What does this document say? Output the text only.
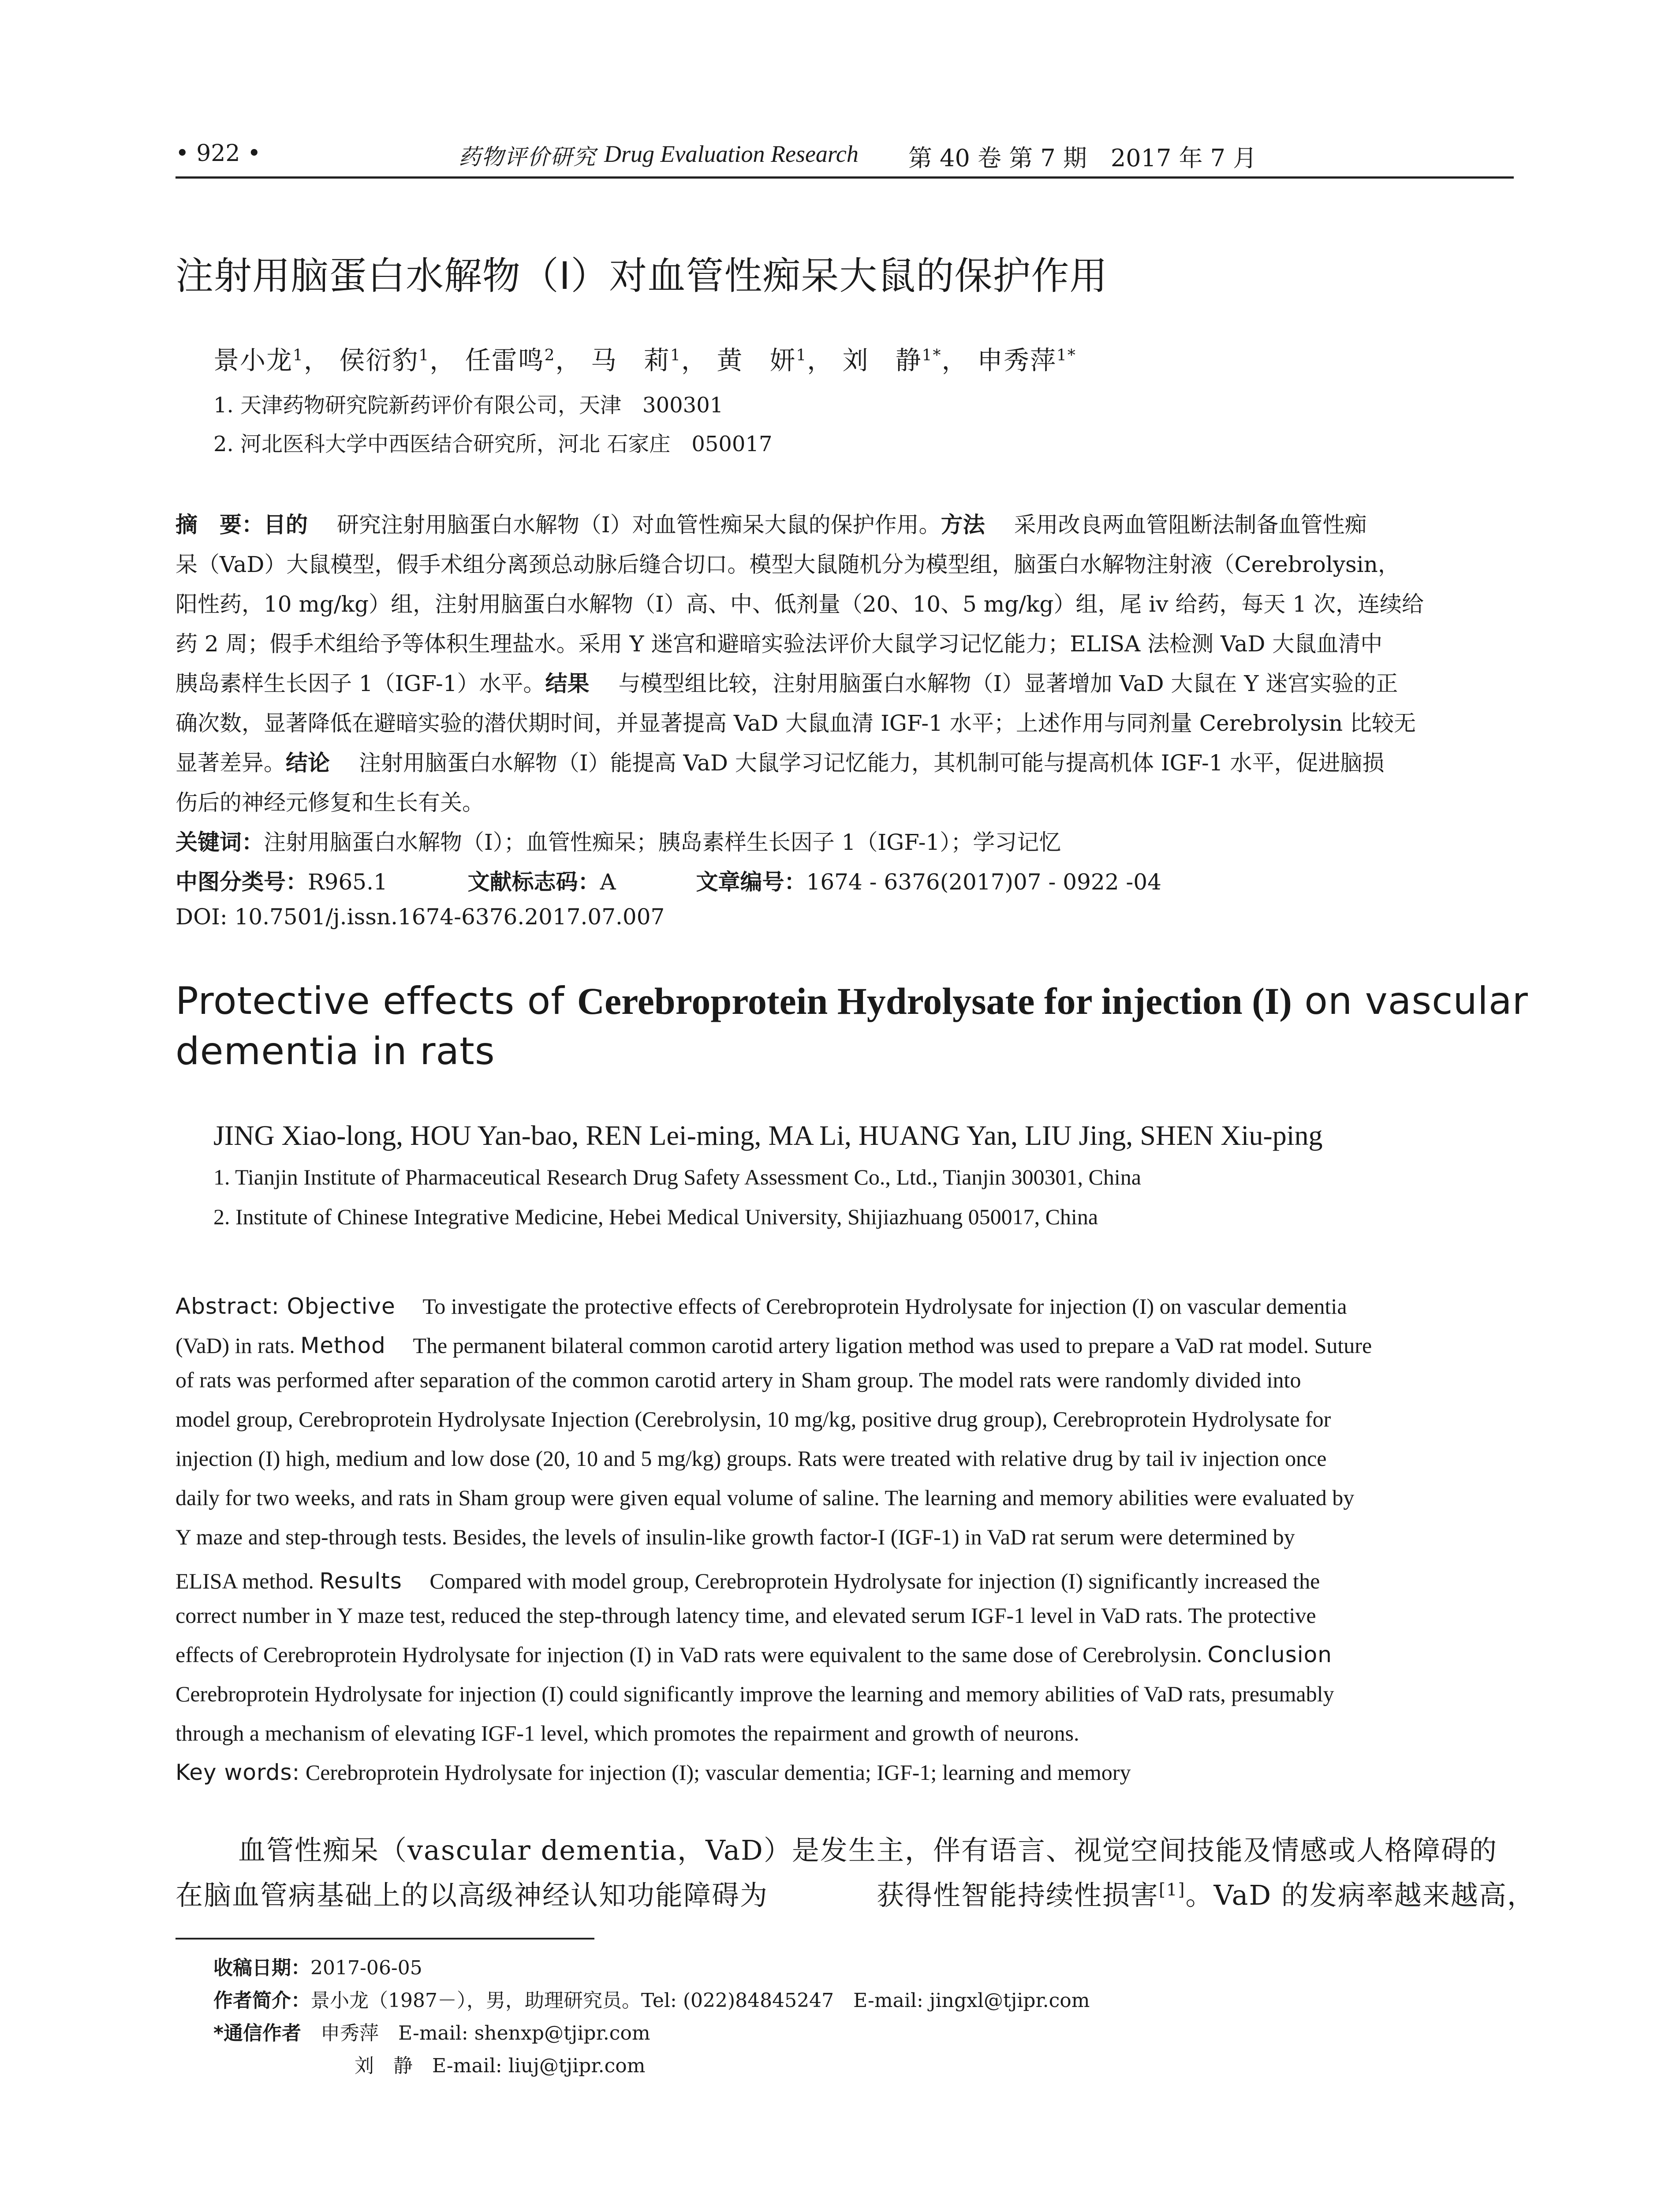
• 922 •	药物评价研究 Drug Evaluation Research 第 40 卷 第 7 期　2017 年 7 月
注射用脑蛋白水解物（I）对血管性痴呆大鼠的保护作用
景小龙$^1$， 侯衍豹$^1$， 任雷鸣$^2$， 马　莉$^1$， 黄　妍$^1$， 刘　静$^{1*}$， 申秀萍$^{1*}$
1. 天津药物研究院新药评价有限公司，天津　300301
2. 河北医科大学中西医结合研究所，河北 石家庄　050017
摘　要：目的　 研究注射用脑蛋白水解物（I）对血管性痴呆大鼠的保护作用。方法　 采用改良两血管阻断法制备血管性痴
呆（VaD）大鼠模型，假手术组分离颈总动脉后缝合切口。模型大鼠随机分为模型组，脑蛋白水解物注射液（Cerebrolysin，
阳性药，10 mg/kg）组，注射用脑蛋白水解物（I）高、中、低剂量（20、10、5 mg/kg）组，尾 iv 给药，每天 1 次，连续给
药 2 周；假手术组给予等体积生理盐水。采用 Y 迷宫和避暗实验法评价大鼠学习记忆能力；ELISA 法检测 VaD 大鼠血清中
胰岛素样生长因子 1（IGF-1）水平。结果　 与模型组比较，注射用脑蛋白水解物（I）显著增加 VaD 大鼠在 Y 迷宫实验的正
确次数，显著降低在避暗实验的潜伏期时间，并显著提高 VaD 大鼠血清 IGF-1 水平；上述作用与同剂量 Cerebrolysin 比较无
显著差异。结论　 注射用脑蛋白水解物（I）能提高 VaD 大鼠学习记忆能力，其机制可能与提高机体 IGF-1 水平，促进脑损
伤后的神经元修复和生长有关。
关键词：注射用脑蛋白水解物（I）；血管性痴呆；胰岛素样生长因子 1（IGF-1）；学习记忆
中图分类号：R965.1	文献标志码：A	文章编号：1674 - 6376(2017)07 - 0922 -04
DOI: 10.7501/j.issn.1674-6376.2017.07.007
Protective effects of Cerebroprotein Hydrolysate for injection (I) on vascular
dementia in rats
JING Xiao-long, HOU Yan-bao, REN Lei-ming, MA Li, HUANG Yan, LIU Jing, SHEN Xiu-ping
1. Tianjin Institute of Pharmaceutical Research Drug Safety Assessment Co., Ltd., Tianjin 300301, China
2. Institute of Chinese Integrative Medicine, Hebei Medical University, Shijiazhuang 050017, China
Abstract: Objective　 To investigate the protective effects of Cerebroprotein Hydrolysate for injection (I) on vascular dementia
(VaD) in rats. Method　 The permanent bilateral common carotid artery ligation method was used to prepare a VaD rat model. Suture
of rats was performed after separation of the common carotid artery in Sham group. The model rats were randomly divided into
model group, Cerebroprotein Hydrolysate Injection (Cerebrolysin, 10 mg/kg, positive drug group), Cerebroprotein Hydrolysate for
injection (I) high, medium and low dose (20, 10 and 5 mg/kg) groups. Rats were treated with relative drug by tail iv injection once
daily for two weeks, and rats in Sham group were given equal volume of saline. The learning and memory abilities were evaluated by
Y maze and step-through tests. Besides, the levels of insulin-like growth factor-I (IGF-1) in VaD rat serum were determined by
ELISA method. Results　 Compared with model group, Cerebroprotein Hydrolysate for injection (I) significantly increased the
correct number in Y maze test, reduced the step-through latency time, and elevated serum IGF-1 level in VaD rats. The protective
effects of Cerebroprotein Hydrolysate for injection (I) in VaD rats were equivalent to the same dose of Cerebrolysin. Conclusion
Cerebroprotein Hydrolysate for injection (I) could significantly improve the learning and memory abilities of VaD rats, presumably
through a mechanism of elevating IGF-1 level, which promotes the repairment and growth of neurons.
Key words: Cerebroprotein Hydrolysate for injection (I); vascular dementia; IGF-1; learning and memory
血管性痴呆（vascular dementia，VaD）是发生
在脑血管病基础上的以高级神经认知功能障碍为
主，伴有语言、视觉空间技能及情感或人格障碍的
获得性智能持续性损害[1]。VaD 的发病率越来越高，
收稿日期：2017-06-05
作者简介：景小龙（1987－），男，助理研究员。Tel: (022)84845247　E-mail: jingxl@tjipr.com
*通信作者　 申秀萍　E-mail: shenxp@tjipr.com
刘　静　E-mail: liuj@tjipr.com
